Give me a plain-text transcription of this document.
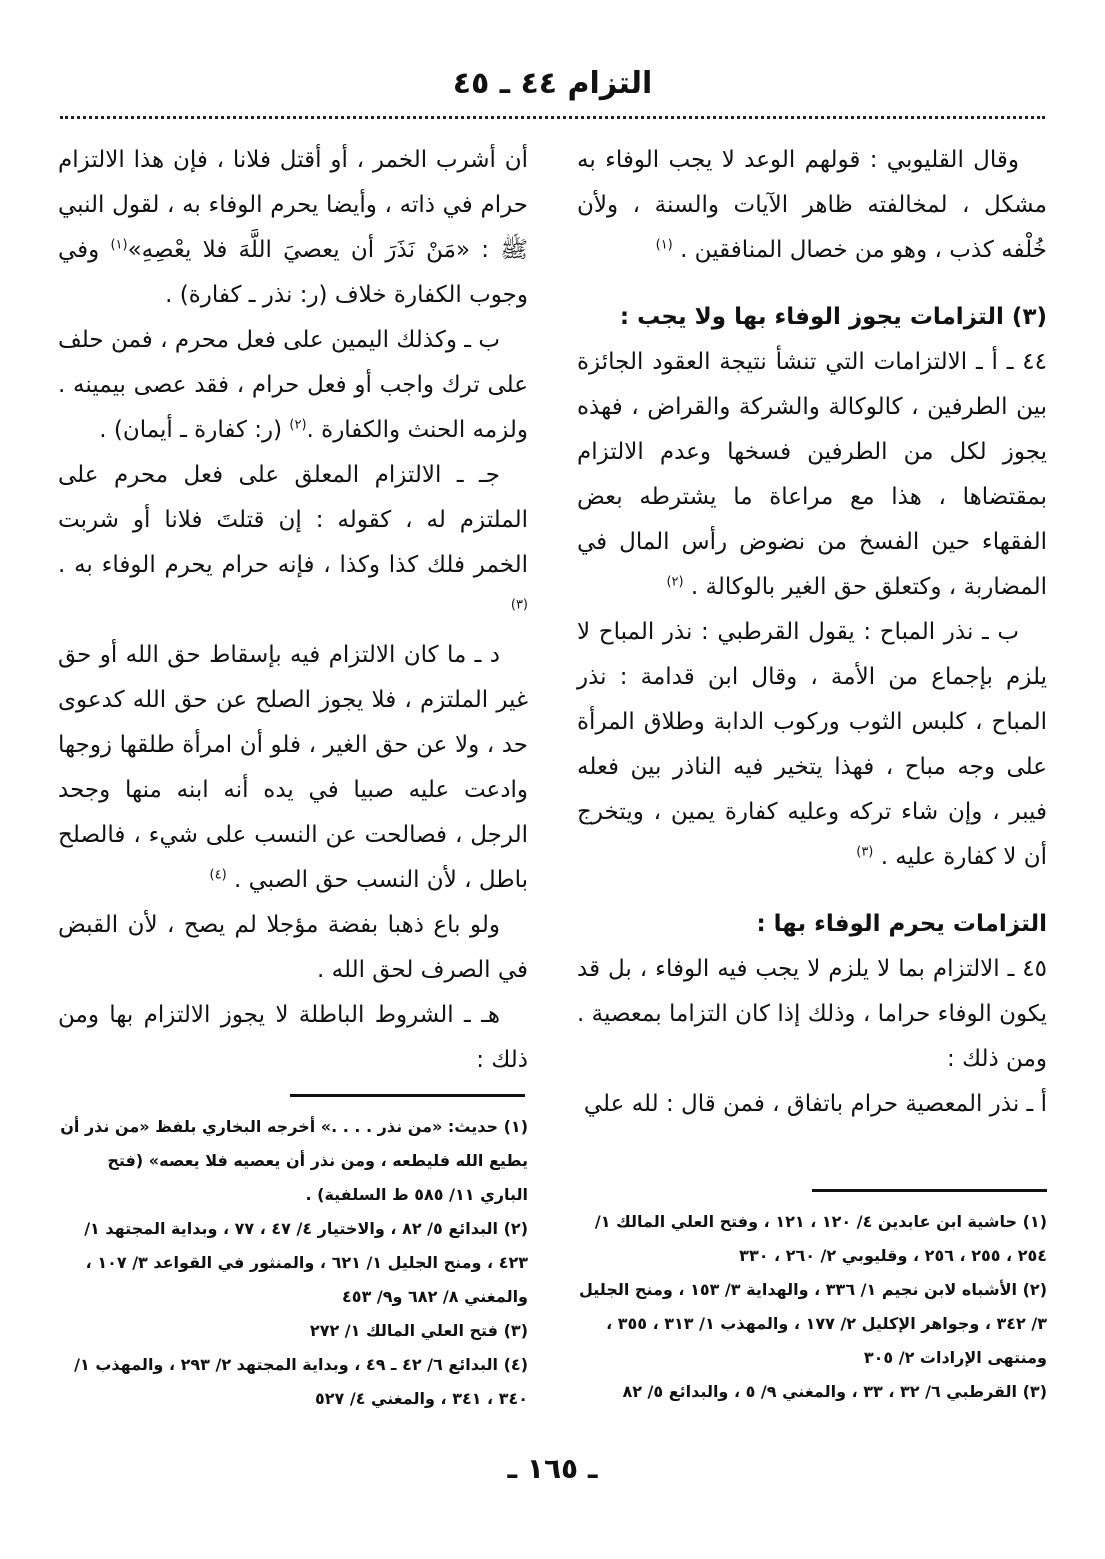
التزام ٤٤ ـ ٤٥

وقال القليوبي : قولهم الوعد لا يجب الوفاء به مشكل ، لمخالفته ظاهر الآيات والسنة ، ولأن خُلْفه كذب ، وهو من خصال المنافقين . $^{(١)}$

(٣) التزامات يجوز الوفاء بها ولا يجب :

٤٤ ـ أ ـ الالتزامات التي تنشأ نتيجة العقود الجائزة بين الطرفين ، كالوكالة والشركة والقراض ، فهذه يجوز لكل من الطرفين فسخها وعدم الالتزام بمقتضاها ، هذا مع مراعاة ما يشترطه بعض الفقهاء حين الفسخ من نضوض رأس المال في المضاربة ، وكتعلق حق الغير بالوكالة . $^{(٢)}$

ب ـ نذر المباح : يقول القرطبي : نذر المباح لا يلزم بإجماع من الأمة ، وقال ابن قدامة : نذر المباح ، كلبس الثوب وركوب الدابة وطلاق المرأة على وجه مباح ، فهذا يتخير فيه الناذر بين فعله فيبر ، وإن شاء تركه وعليه كفارة يمين ، ويتخرج أن لا كفارة عليه . $^{(٣)}$

التزامات يحرم الوفاء بها :

٤٥ ـ الالتزام بما لا يلزم لا يجب فيه الوفاء ، بل قد يكون الوفاء حراما ، وذلك إذا كان التزاما بمعصية . ومن ذلك :

أ ـ نذر المعصية حرام باتفاق ، فمن قال : لله علي

أن أشرب الخمر ، أو أقتل فلانا ، فإن هذا الالتزام حرام في ذاته ، وأيضا يحرم الوفاء به ، لقول النبي ﷺ : «مَنْ نَذَرَ أن يعصيَ اللَّهَ فلا يعْصِهِ»$^{(١)}$ وفي وجوب الكفارة خلاف (ر: نذر ـ كفارة) .

ب ـ وكذلك اليمين على فعل محرم ، فمن حلف على ترك واجب أو فعل حرام ، فقد عصى بيمينه . ولزمه الحنث والكفارة .$^{(٢)}$ (ر: كفارة ـ أيمان) .

جـ ـ الالتزام المعلق على فعل محرم على الملتزم له ، كقوله : إن قتلتَ فلانا أو شربت الخمر فلك كذا وكذا ، فإنه حرام يحرم الوفاء به . $^{(٣)}$

د ـ ما كان الالتزام فيه بإسقاط حق الله أو حق غير الملتزم ، فلا يجوز الصلح عن حق الله كدعوى حد ، ولا عن حق الغير ، فلو أن امرأة طلقها زوجها وادعت عليه صبيا في يده أنه ابنه منها وجحد الرجل ، فصالحت عن النسب على شيء ، فالصلح باطل ، لأن النسب حق الصبي . $^{(٤)}$

ولو باع ذهبا بفضة مؤجلا لم يصح ، لأن القبض في الصرف لحق الله .

هـ ـ الشروط الباطلة لا يجوز الالتزام بها ومن ذلك :

(١) حديث: «من نذر . . . .» أخرجه البخاري بلفظ «من نذر أن يطيع الله فليطعه ، ومن نذر أن يعصيه فلا يعصه» (فتح الباري ١١/ ٥٨٥ ط السلفية) .
(٢) البدائع ٥/ ٨٢ ، والاختيار ٤/ ٤٧ ، ٧٧ ، وبداية المجتهد ١/ ٤٢٣ ، ومنح الجليل ١/ ٦٢١ ، والمنثور في القواعد ٣/ ١٠٧ ، والمغني ٨/ ٦٨٢ و٩/ ٤٥٣
(٣) فتح العلي المالك ١/ ٢٧٢
(٤) البدائع ٦/ ٤٢ ـ ٤٩ ، وبداية المجتهد ٢/ ٢٩٣ ، والمهذب ١/ ٣٤٠ ، ٣٤١ ، والمغني ٤/ ٥٢٧
(١) حاشية ابن عابدين ٤/ ١٢٠ ، ١٢١ ، وفتح العلي المالك ١/ ٢٥٤ ، ٢٥٥ ، ٢٥٦ ، وقليوبي ٢/ ٢٦٠ ، ٣٣٠
(٢) الأشباه لابن نجيم ١/ ٣٣٦ ، والهداية ٣/ ١٥٣ ، ومنح الجليل ٣/ ٣٤٢ ، وجواهر الإكليل ٢/ ١٧٧ ، والمهذب ١/ ٣١٣ ، ٣٥٥ ، ومنتهى الإرادات ٢/ ٣٠٥
(٣) القرطبي ٦/ ٣٢ ، ٣٣ ، والمغني ٩/ ٥ ، والبدائع ٥/ ٨٢
ـ ١٦٥ ـ
